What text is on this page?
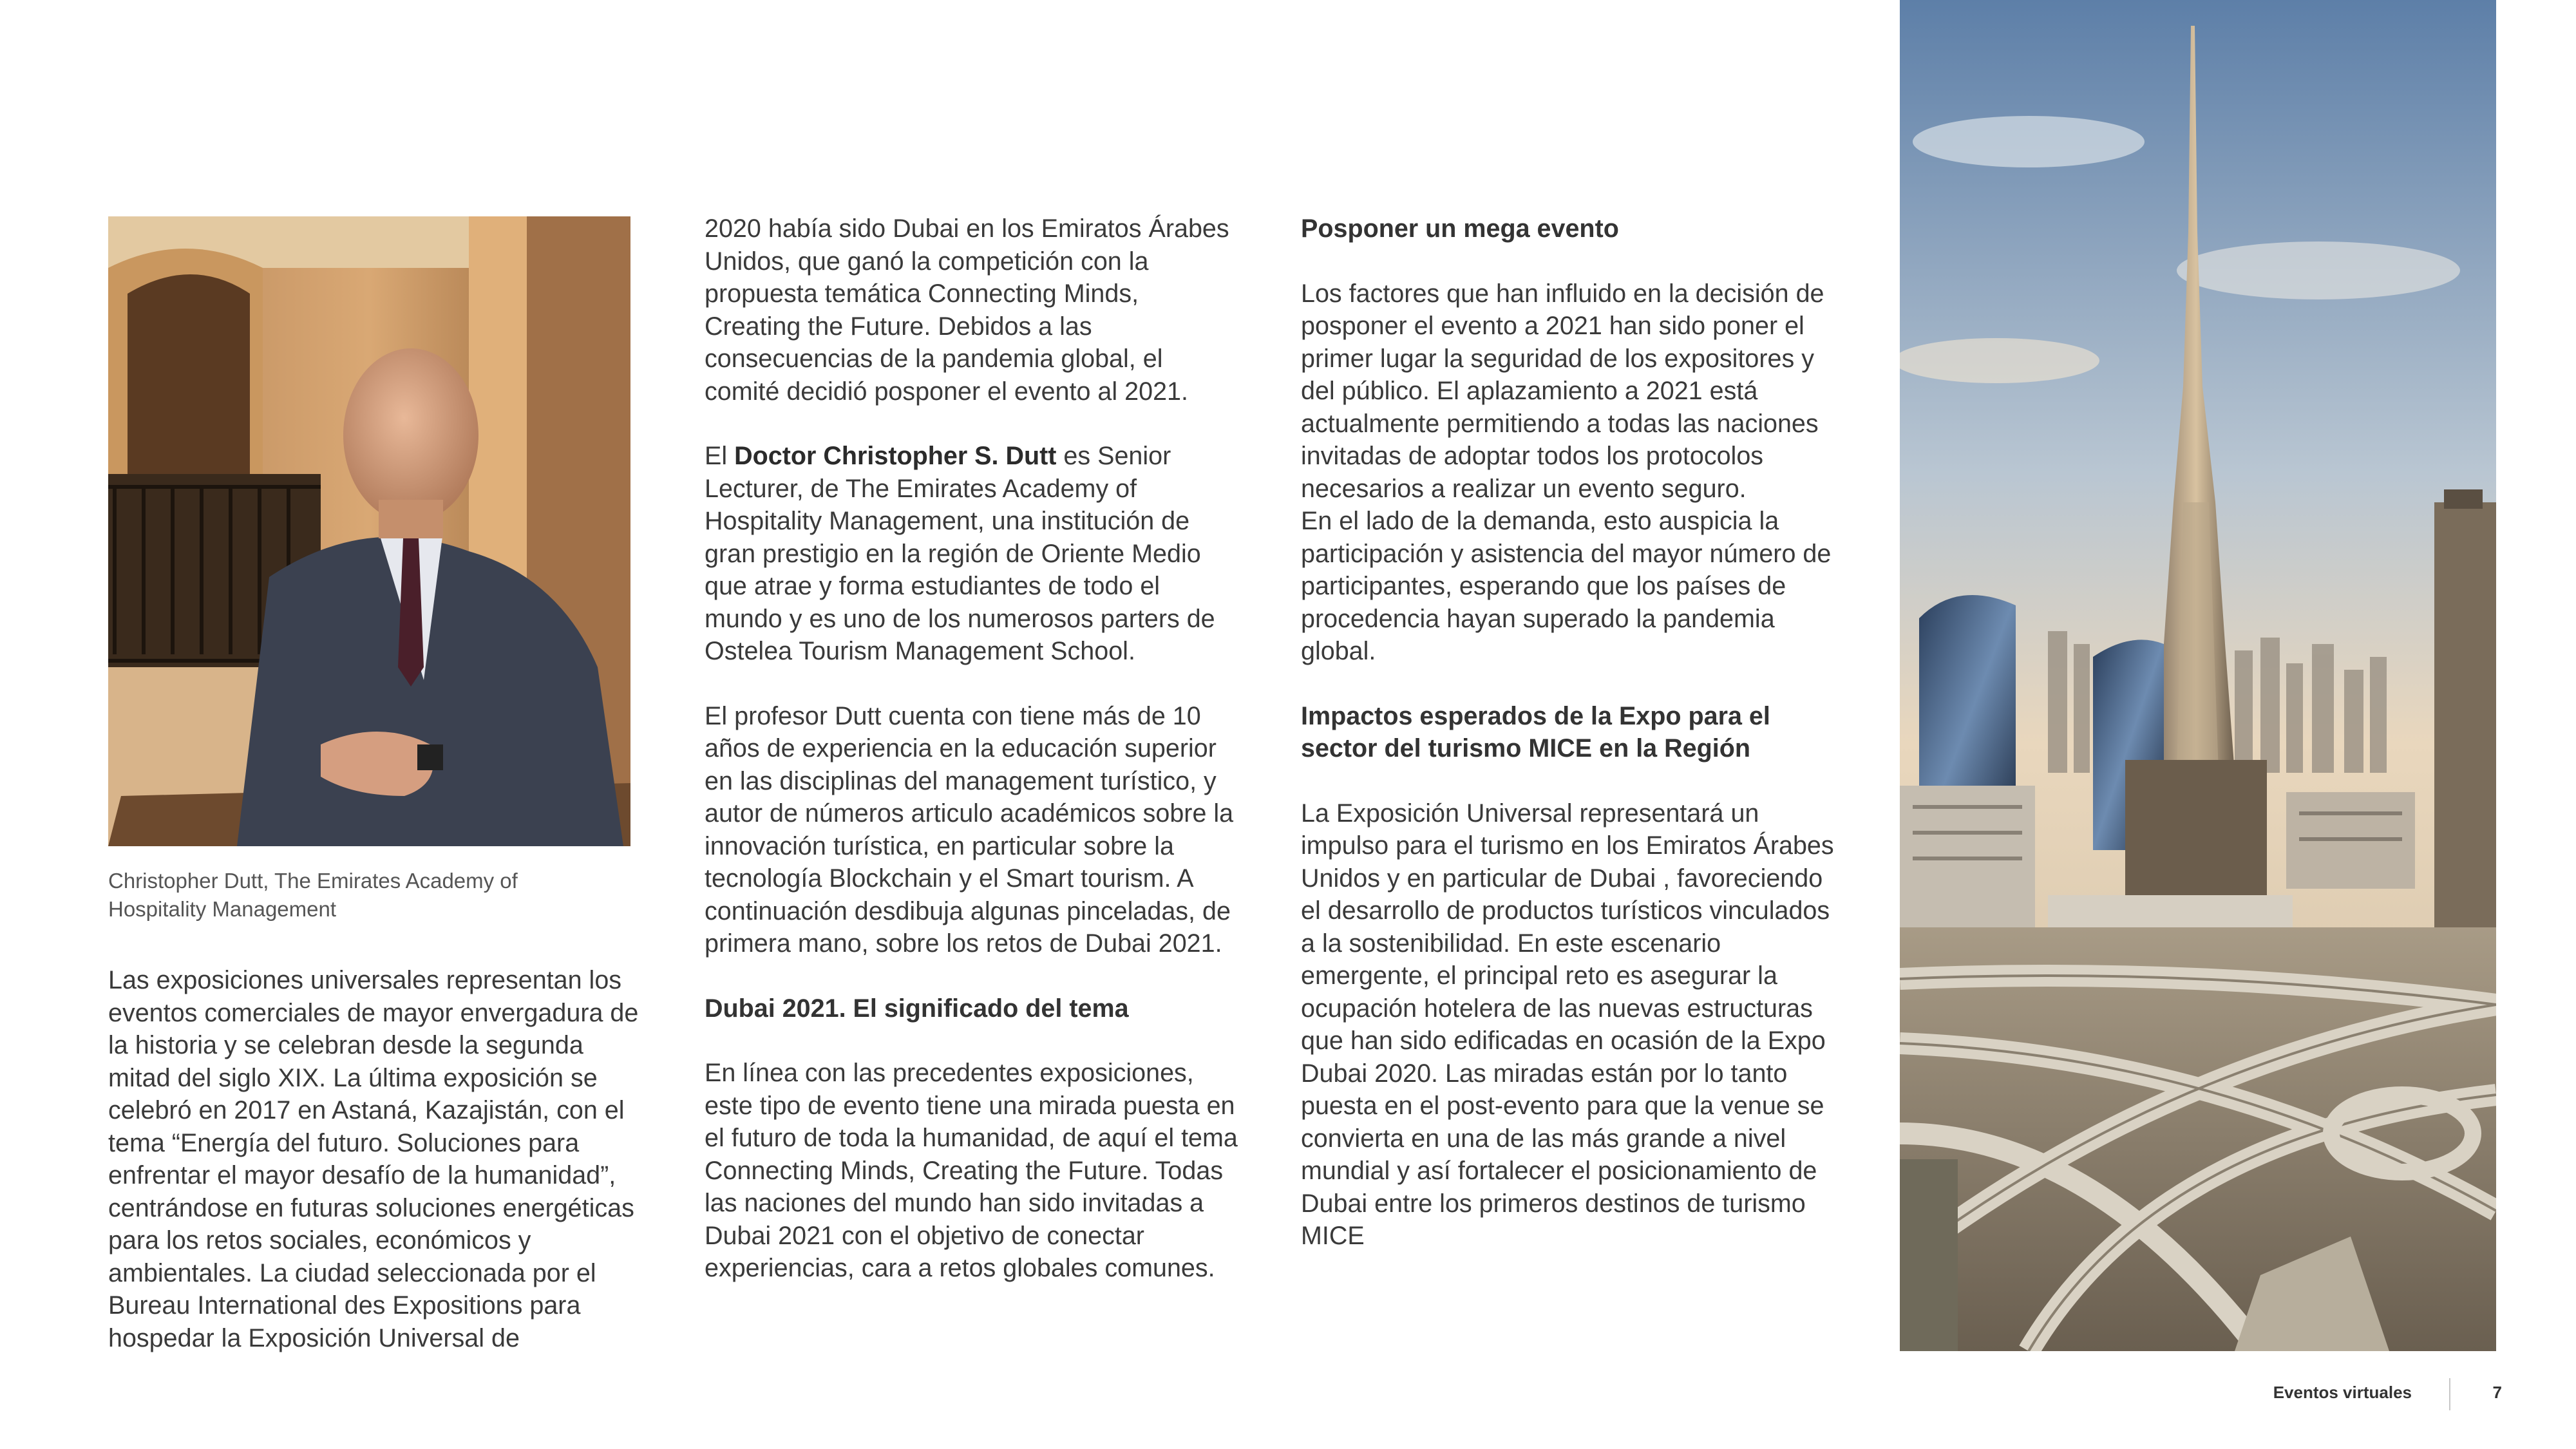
Christopher Dutt, The Emirates Academy of Hospitality Management

Las exposiciones universales representan los eventos comerciales de mayor envergadura de la historia y se celebran desde la segunda mitad del siglo XIX. La última exposición se celebró en 2017 en Astaná, Kazajistán, con el tema “Energía del futuro. Soluciones para enfrentar el mayor desafío de la humanidad”, centrándose en futuras soluciones energéticas para los retos sociales, económicos y ambientales. La ciudad seleccionada por el Bureau International des Expositions para hospedar la Exposición Universal de

2020 había sido Dubai en los Emiratos Árabes Unidos, que ganó la competición con la propuesta temática Connecting Minds, Creating the Future. Debidos a las consecuencias de la pandemia global, el comité decidió posponer el evento al 2021.

El Doctor Christopher S. Dutt es Senior Lecturer, de The Emirates Academy of Hospitality Management, una institución de gran prestigio en la región de Oriente Medio que atrae y forma estudiantes de todo el mundo y es uno de los numerosos parters de Ostelea Tourism Management School.

El profesor Dutt cuenta con tiene más de 10 años de experiencia en la educación superior en las disciplinas del management turístico, y autor de números articulo académicos sobre la innovación turística, en particular sobre la tecnología Blockchain y el Smart tourism. A continuación desdibuja algunas pinceladas, de primera mano, sobre los retos de Dubai 2021.

Dubai 2021. El significado del tema

En línea con las precedentes exposiciones, este tipo de evento tiene una mirada puesta en el futuro de toda la humanidad, de aquí el tema Connecting Minds, Creating the Future. Todas las naciones del mundo han sido invitadas a Dubai 2021 con el objetivo de conectar experiencias, cara a retos globales comunes.

Posponer un mega evento

Los factores que han influido en la decisión de posponer el evento a 2021 han sido poner el primer lugar la seguridad de los expositores y del público. El aplazamiento a 2021 está actualmente permitiendo a todas las naciones invitadas de adoptar todos los protocolos necesarios a realizar un evento seguro.

En el lado de la demanda, esto auspicia la participación y asistencia del mayor número de participantes, esperando que los países de procedencia hayan superado la pandemia global.

Impactos esperados de la Expo para el sector del turismo MICE en la Región

La Exposición Universal representará un impulso para el turismo en los Emiratos Árabes Unidos y en particular de Dubai , favoreciendo el desarrollo de productos turísticos vinculados a la sostenibilidad. En este escenario emergente, el principal reto es asegurar la ocupación hotelera de las nuevas estructuras que han sido edificadas en ocasión de la Expo Dubai 2020. Las miradas están por lo tanto puesta en el post-evento para que la venue se convierta en una de las más grande a nivel mundial y así fortalecer el posicionamiento de Dubai entre los primeros destinos de turismo MICE

Eventos virtuales	7
